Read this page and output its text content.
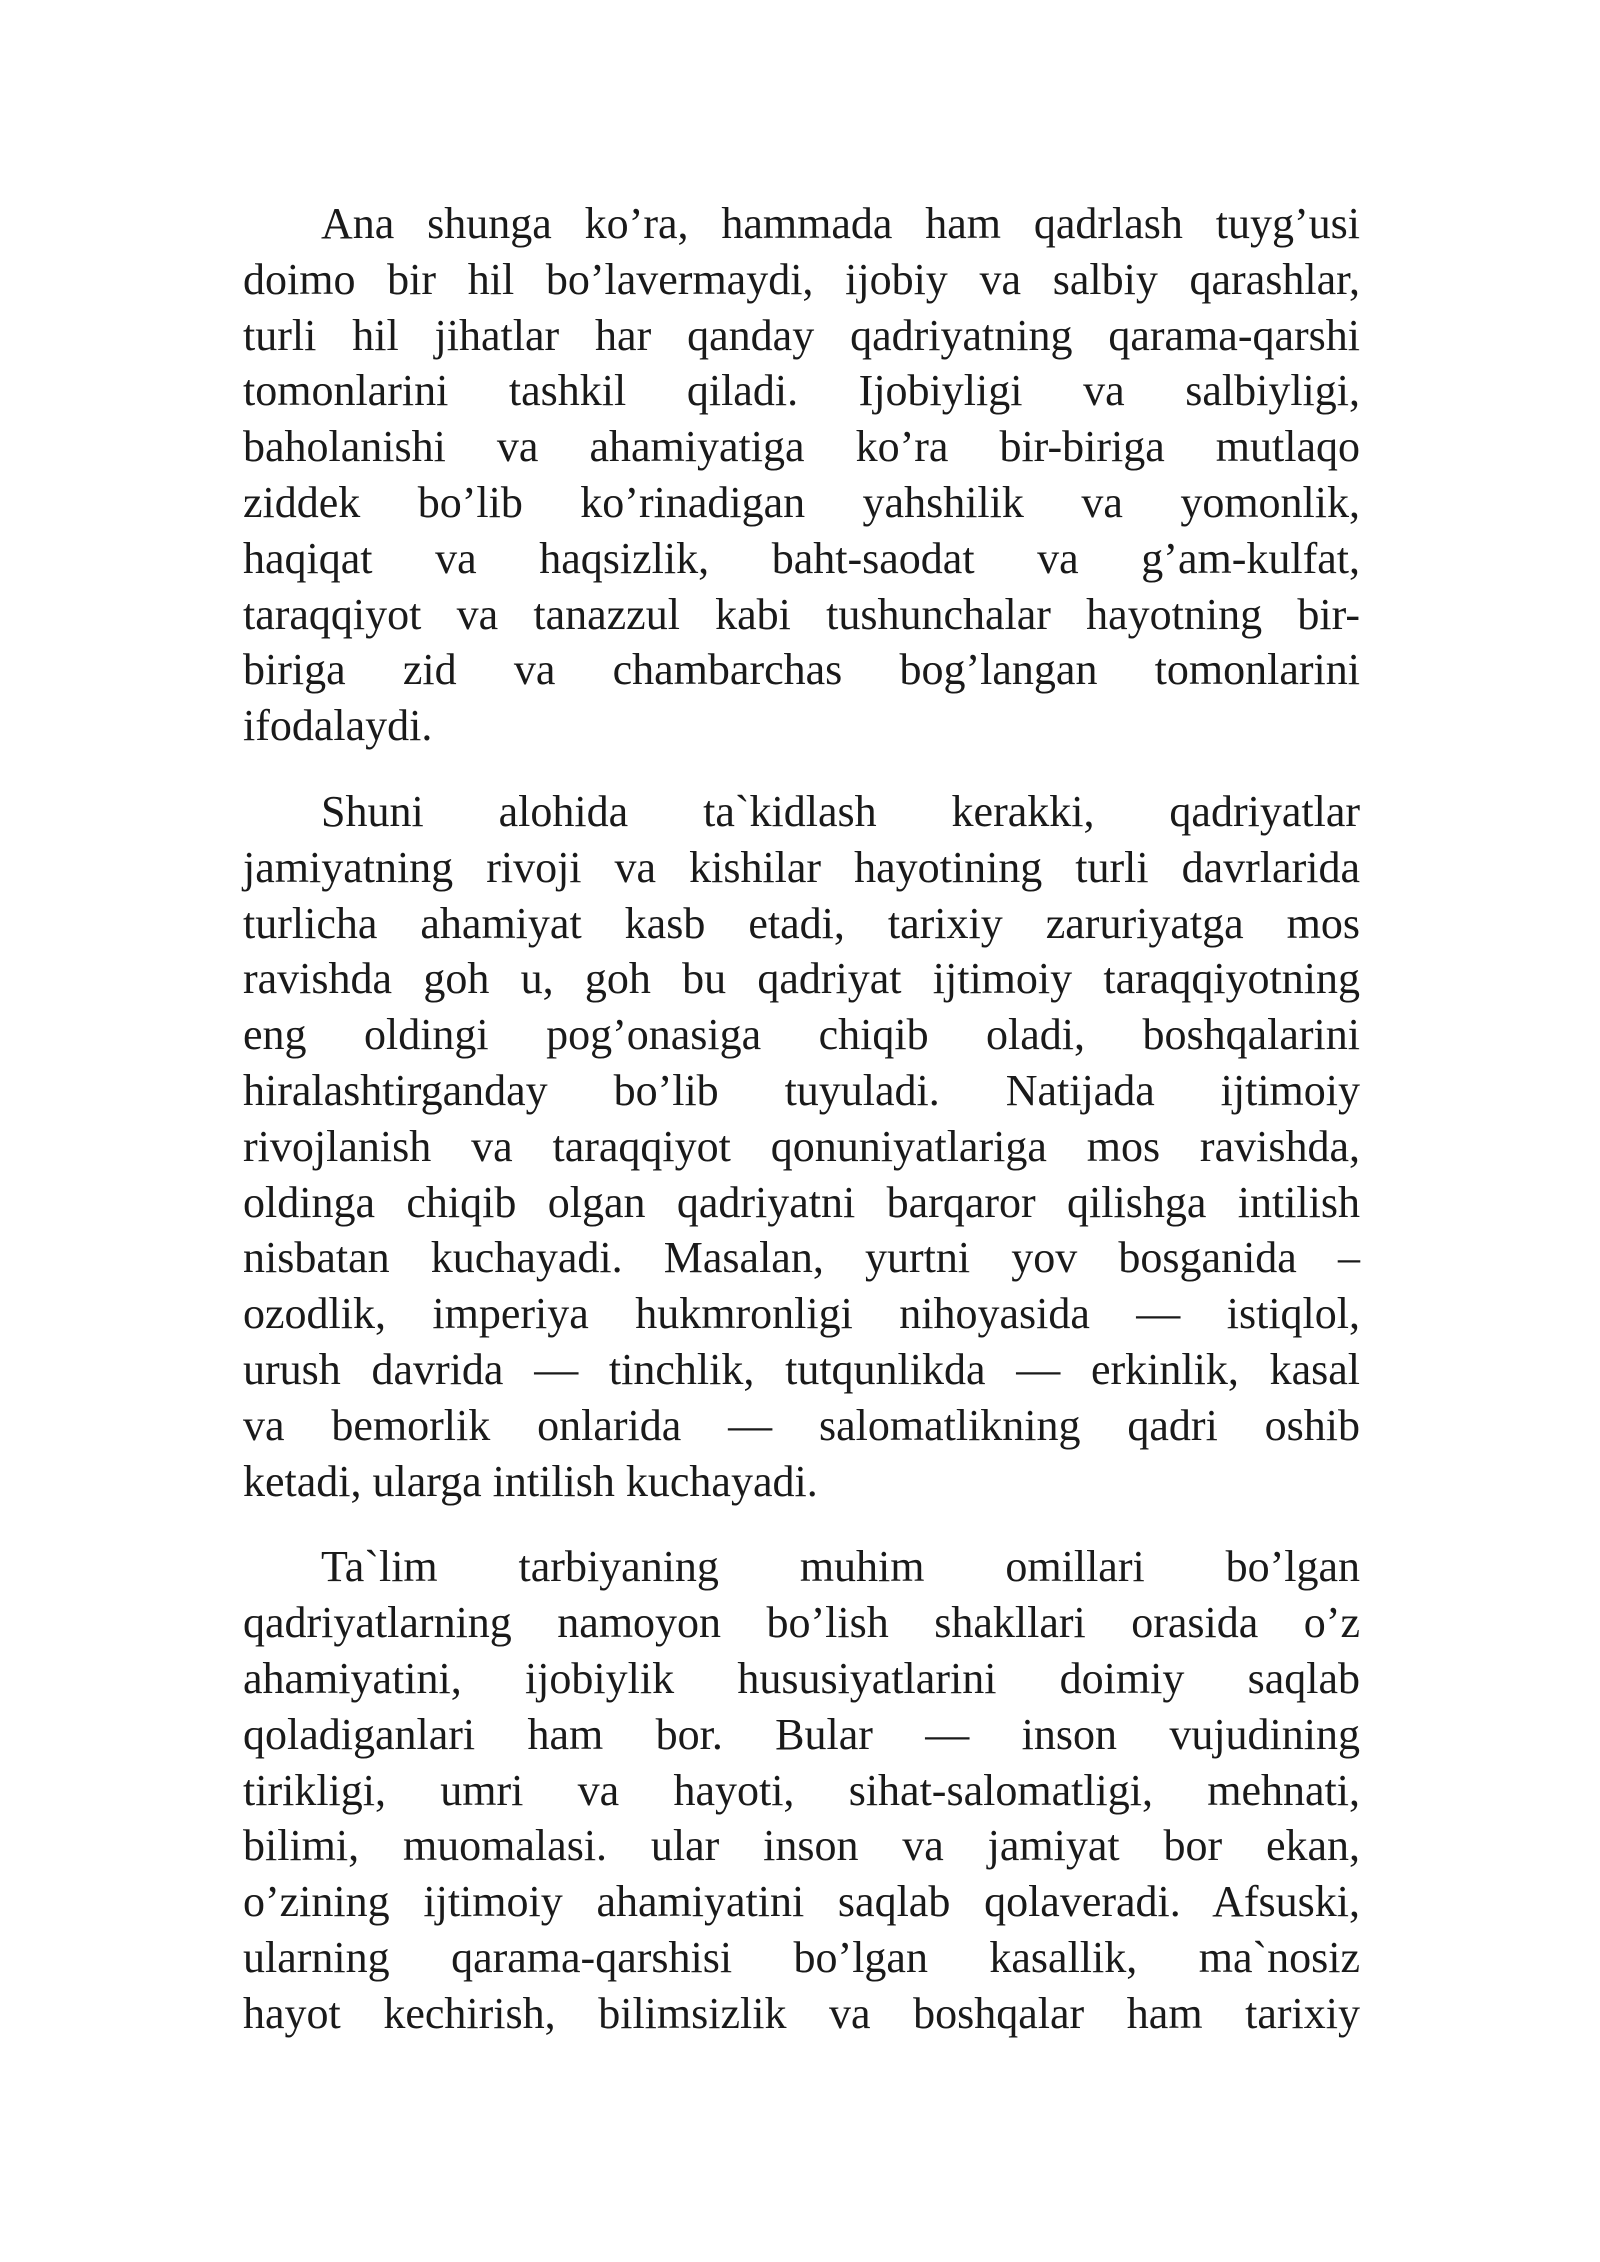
Ana shunga ko’ra, hammada ham qadrlash tuyg’usi
doimo bir hil bo’lavermaydi, ijobiy va salbiy qarashlar,
turli hil jihatlar har qanday qadriyatning qarama-qarshi
tomonlarini tashkil qiladi. Ijobiyligi va salbiyligi,
baholanishi va ahamiyatiga ko’ra bir-biriga mutlaqo
ziddek bo’lib ko’rinadigan yahshilik va yomonlik,
haqiqat va haqsizlik, baht-saodat va g’am-kulfat,
taraqqiyot va tanazzul kabi tushunchalar hayotning bir-
biriga zid va chambarchas bog’langan tomonlarini
ifodalaydi.
Shuni alohida ta`kidlash kerakki, qadriyatlar
jamiyatning rivoji va kishilar hayotining turli davrlarida
turlicha ahamiyat kasb etadi, tarixiy zaruriyatga mos
ravishda goh u, goh bu qadriyat ijtimoiy taraqqiyotning
eng oldingi pog’onasiga chiqib oladi, boshqalarini
hiralashtirganday bo’lib tuyuladi. Natijada ijtimoiy
rivojlanish va taraqqiyot qonuniyatlariga mos ravishda,
oldinga chiqib olgan qadriyatni barqaror qilishga intilish
nisbatan kuchayadi. Masalan, yurtni yov bosganida –
ozodlik, imperiya hukmronligi nihoyasida — istiqlol,
urush davrida — tinchlik, tutqunlikda — erkinlik, kasal
va bemorlik onlarida — salomatlikning qadri oshib
ketadi, ularga intilish kuchayadi.
Ta`lim tarbiyaning muhim omillari bo’lgan
qadriyatlarning namoyon bo’lish shakllari orasida o’z
ahamiyatini, ijobiylik hususiyatlarini doimiy saqlab
qoladiganlari ham bor. Bular — inson vujudining
tirikligi, umri va hayoti, sihat-salomatligi, mehnati,
bilimi, muomalasi. ular inson va jamiyat bor ekan,
o’zining ijtimoiy ahamiyatini saqlab qolaveradi. Afsuski,
ularning qarama-qarshisi bo’lgan kasallik, ma`nosiz
hayot kechirish, bilimsizlik va boshqalar ham tarixiy
